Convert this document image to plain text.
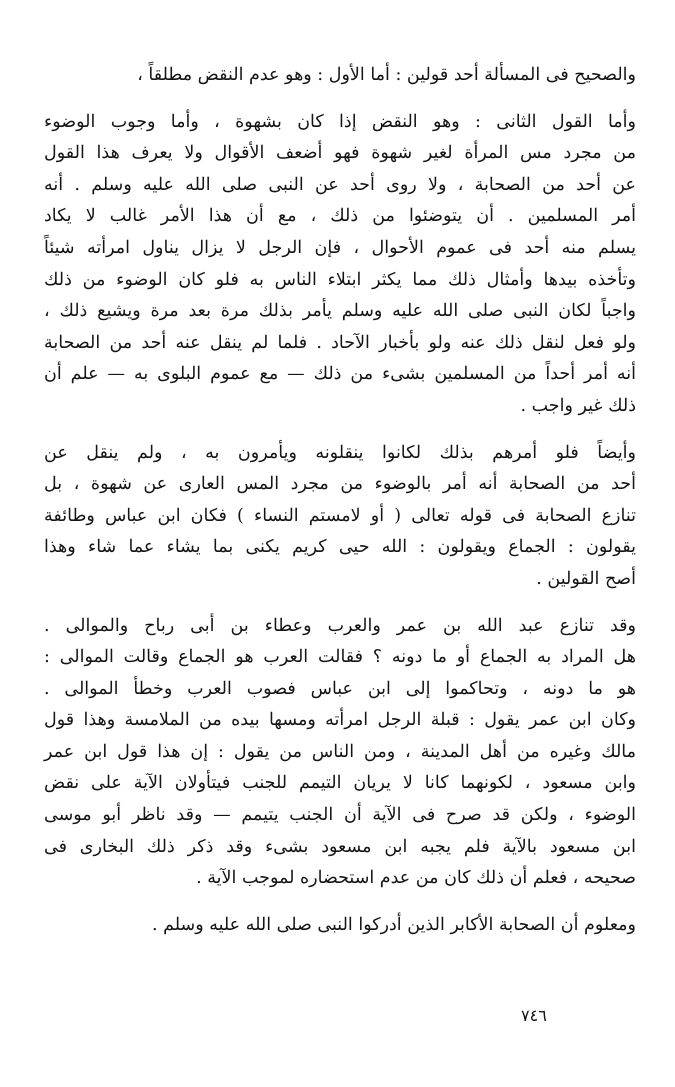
والصحيح فى المسألة أحد قولين : أما الأول : وهو عدم النقض مطلقاً ،
وأما القول الثانى : وهو النقض إذا كان بشهوة ، وأما وجوب الوضوء
من مجرد مس المرأة لغير شهوة فهو أضعف الأقوال ولا يعرف هذا القول
عن أحد من الصحابة ، ولا روى أحد عن النبى صلى الله عليه وسلم . أنه
أمر المسلمين . أن يتوضئوا من ذلك ، مع أن هذا الأمر غالب لا يكاد
يسلم منه أحد فى عموم الأحوال ، فإن الرجل لا يزال يناول امرأته شيئاً
وتأخذه بيدها وأمثال ذلك مما يكثر ابتلاء الناس به فلو كان الوضوء من ذلك
واجباً لكان النبى صلى الله عليه وسلم يأمر بذلك مرة بعد مرة ويشيع ذلك ،
ولو فعل لنقل ذلك عنه ولو بأخبار الآحاد . فلما لم ينقل عنه أحد من الصحابة
أنه أمر أحداً من المسلمين بشىء من ذلك — مع عموم البلوى به — علم أن
ذلك غير واجب .
وأيضاً فلو أمرهم بذلك لكانوا ينقلونه ويأمرون به ، ولم ينقل عن
أحد من الصحابة أنه أمر بالوضوء من مجرد المس العارى عن شهوة ، بل
تنازع الصحابة فى قوله تعالى ( أو لامستم النساء ) فكان ابن عباس وطائفة
يقولون : الجماع ويقولون : الله حيى كريم يكنى بما يشاء عما شاء وهذا
أصح القولين .
وقد تنازع عبد الله بن عمر والعرب وعطاء بن أبى رباح والموالى .
هل المراد به الجماع أو ما دونه ؟ فقالت العرب هو الجماع وقالت الموالى :
هو ما دونه ، وتحاكموا إلى ابن عباس فصوب العرب وخطأ الموالى .
وكان ابن عمر يقول : قبلة الرجل امرأته ومسها بيده من الملامسة وهذا قول
مالك وغيره من أهل المدينة ، ومن الناس من يقول : إن هذا قول ابن عمر
وابن مسعود ، لكونهما كانا لا يريان التيمم للجنب فيتأولان الآية على نقض
الوضوء ، ولكن قد صرح فى الآية أن الجنب يتيمم — وقد ناظر أبو موسى
ابن مسعود بالآية فلم يجبه ابن مسعود بشىء وقد ذكر ذلك البخارى فى
صحيحه ، فعلم أن ذلك كان من عدم استحضاره لموجب الآية .
ومعلوم أن الصحابة الأكابر الذين أدركوا النبى صلى الله عليه وسلم .
٧٤٦
